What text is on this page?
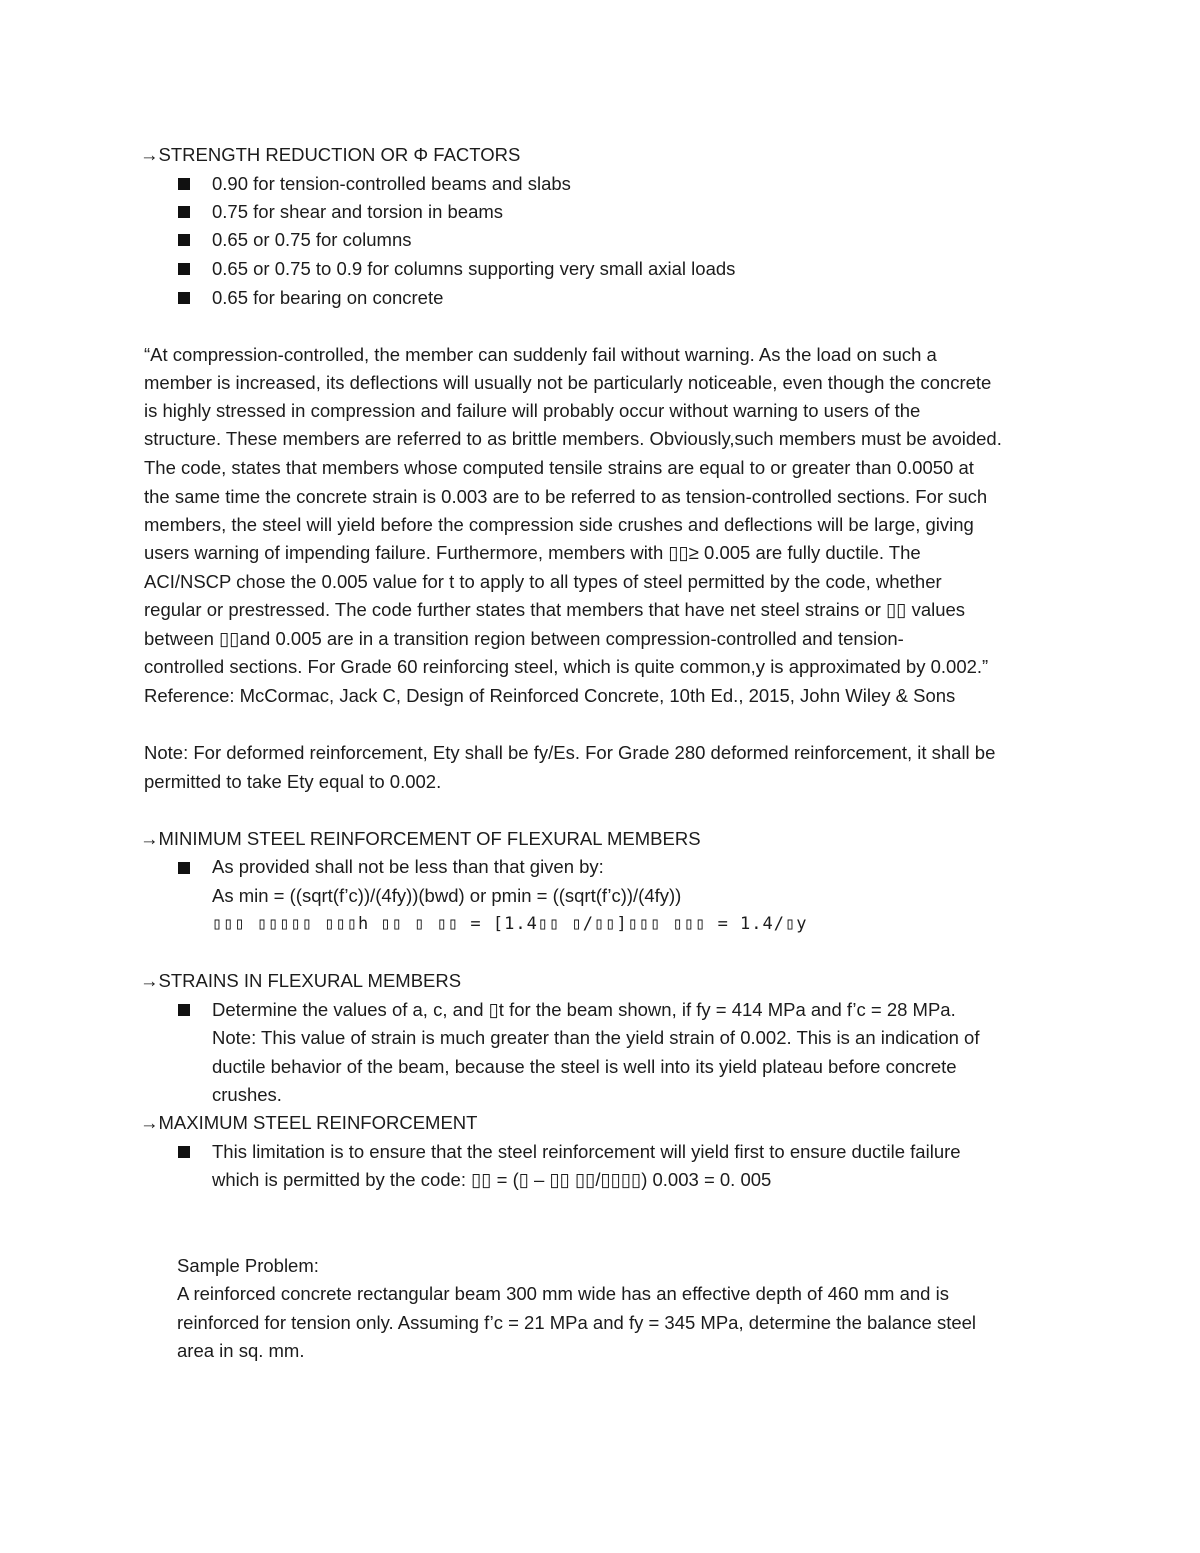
→STRENGTH REDUCTION OR Φ FACTORS
0.90 for tension-controlled beams and slabs
0.75 for shear and torsion in beams
0.65 or 0.75 for columns
0.65 or 0.75 to 0.9 for columns supporting very small axial loads
0.65 for bearing on concrete
“At compression-controlled, the member can suddenly fail without warning. As the load on such a
member is increased, its deflections will usually not be particularly noticeable, even though the concrete
is highly stressed in compression and failure will probably occur without warning to users of the
structure. These members are referred to as brittle members. Obviously,such members must be avoided.
The code, states that members whose computed tensile strains are equal to or greater than 0.0050 at
the same time the concrete strain is 0.003 are to be referred to as tension-controlled sections. For such
members, the steel will yield before the compression side crushes and deflections will be large, giving
users warning of impending failure. Furthermore, members with ▯▯≥ 0.005 are fully ductile. The
ACI/NSCP chose the 0.005 value for t to apply to all types of steel permitted by the code, whether
regular or prestressed. The code further states that members that have net steel strains or ▯▯ values
between ▯▯and 0.005 are in a transition region between compression-controlled and tension-
controlled sections. For Grade 60 reinforcing steel, which is quite common,y is approximated by 0.002.”
Reference: McCormac, Jack C, Design of Reinforced Concrete, 10th Ed., 2015, John Wiley & Sons
Note: For deformed reinforcement, Ety shall be fy/Es. For Grade 280 deformed reinforcement, it shall be
permitted to take Ety equal to 0.002.
→MINIMUM STEEL REINFORCEMENT OF FLEXURAL MEMBERS
As provided shall not be less than that given by:
As min = ((sqrt(f’c))/(4fy))(bwd) or pmin = ((sqrt(f’c))/(4fy))
▯▯▯ ▯▯▯▯▯ ▯▯▯h ▯▯ ▯ ▯▯ = [1.4▯▯ ▯/▯▯]▯▯▯ ▯▯▯ = 1.4/▯y
→STRAINS IN FLEXURAL MEMBERS
Determine the values of a, c, and ▯t for the beam shown, if fy = 414 MPa and f’c = 28 MPa.
Note: This value of strain is much greater than the yield strain of 0.002. This is an indication of
ductile behavior of the beam, because the steel is well into its yield plateau before concrete
crushes.
→MAXIMUM STEEL REINFORCEMENT
This limitation is to ensure that the steel reinforcement will yield first to ensure ductile failure
which is permitted by the code: ▯▯ = (▯ – ▯▯ ▯▯/▯▯▯▯) 0.003 = 0. 005
Sample Problem:
A reinforced concrete rectangular beam 300 mm wide has an effective depth of 460 mm and is
reinforced for tension only. Assuming f’c = 21 MPa and fy = 345 MPa, determine the balance steel
area in sq. mm.
